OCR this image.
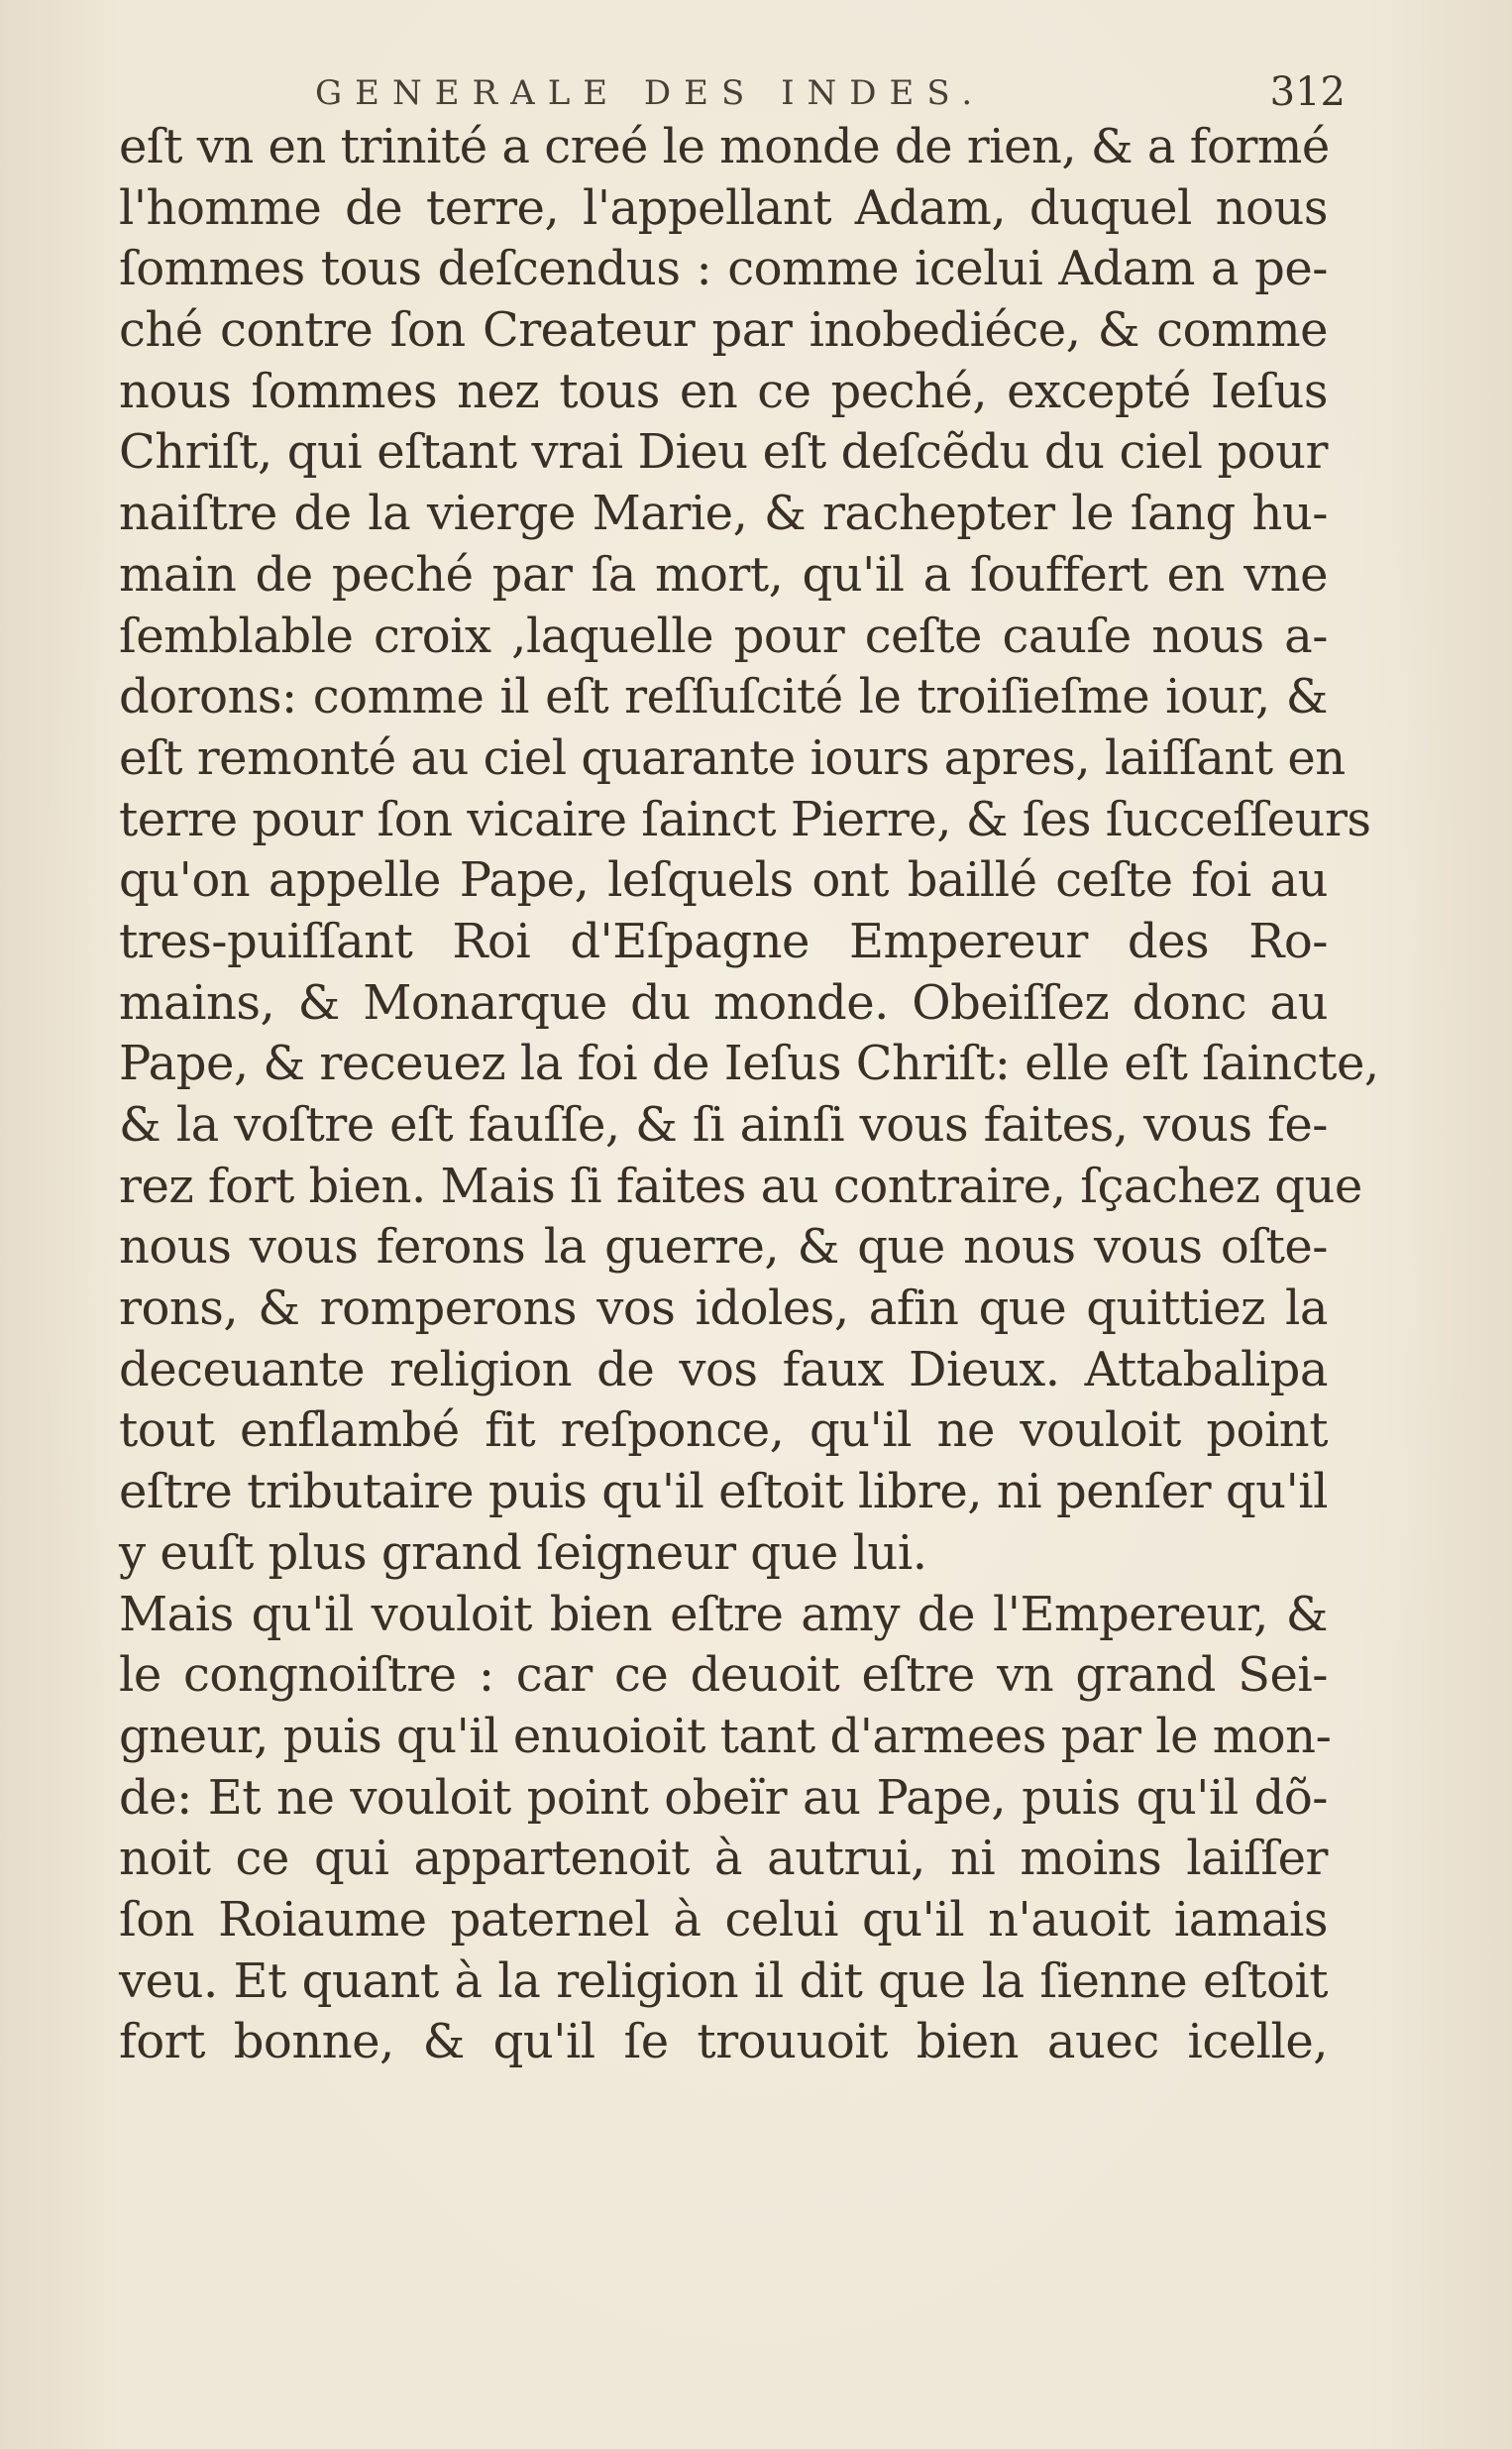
GENERALE DES INDES.	312
eſt vn en trinité a creé le monde de rien, & a formé
l'homme de terre, l'appellant Adam, duquel nous
ſommes tous deſcendus : comme icelui Adam a pe-
ché contre ſon Createur par inobediéce, & comme
nous ſommes nez tous en ce peché, excepté Ieſus
Chriſt, qui eſtant vrai Dieu eſt deſcẽdu du ciel pour
naiſtre de la vierge Marie, & rachepter le ſang hu-
main de peché par ſa mort, qu'il a ſouffert en vne
ſemblable croix ,laquelle pour ceſte cauſe nous a-
dorons: comme il eſt reſſuſcité le troiſieſme iour, &
eſt remonté au ciel quarante iours apres, laiſſant en
terre pour ſon vicaire ſainct Pierre, & ſes ſucceſſeurs
qu'on appelle Pape, leſquels ont baillé ceſte foi au
tres-puiſſant Roi d'Eſpagne Empereur des Ro-
mains, & Monarque du monde. Obeiſſez donc au
Pape, & receuez la foi de Ieſus Chriſt: elle eſt ſaincte,
& la voſtre eſt fauſſe, & ſi ainſi vous faites, vous fe-
rez fort bien. Mais ſi faites au contraire, ſçachez que
nous vous ferons la guerre, & que nous vous oſte-
rons, & romperons vos idoles, afin que quittiez la
deceuante religion de vos faux Dieux. Attabalipa
tout enflambé fit reſponce, qu'il ne vouloit point
eſtre tributaire puis qu'il eſtoit libre, ni penſer qu'il
y euſt plus grand ſeigneur que lui.
Mais qu'il vouloit bien eſtre amy de l'Empereur, &
le congnoiſtre : car ce deuoit eſtre vn grand Sei-
gneur, puis qu'il enuoioit tant d'armees par le mon-
de: Et ne vouloit point obeïr au Pape, puis qu'il dõ-
noit ce qui appartenoit à autrui, ni moins laiſſer
ſon Roiaume paternel à celui qu'il n'auoit iamais
veu. Et quant à la religion il dit que la ſienne eſtoit
fort bonne, & qu'il ſe trouuoit bien auec icelle,
